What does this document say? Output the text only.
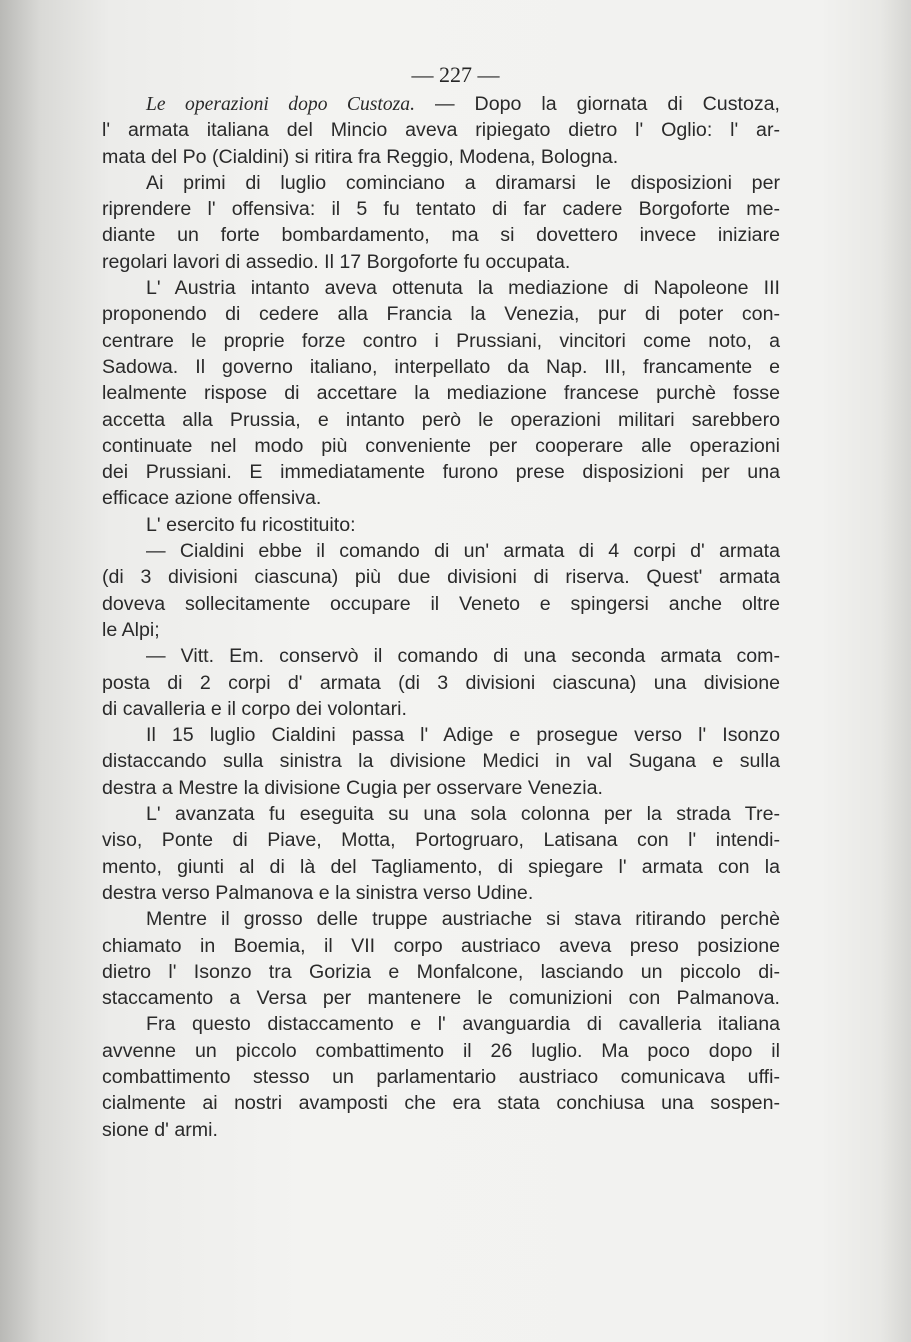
— 227 —
Le operazioni dopo Custoza. — Dopo la giornata di Custoza,
l' armata italiana del Mincio aveva ripiegato dietro l' Oglio: l' ar-
mata del Po (Cialdini) si ritira fra Reggio, Modena, Bologna.
Ai primi di luglio cominciano a diramarsi le disposizioni per
riprendere l' offensiva: il 5 fu tentato di far cadere Borgoforte me-
diante un forte bombardamento, ma si dovettero invece iniziare
regolari lavori di assedio. Il 17 Borgoforte fu occupata.
L' Austria intanto aveva ottenuta la mediazione di Napoleone III
proponendo di cedere alla Francia la Venezia, pur di poter con-
centrare le proprie forze contro i Prussiani, vincitori come noto, a
Sadowa. Il governo italiano, interpellato da Nap. III, francamente e
lealmente rispose di accettare la mediazione francese purchè fosse
accetta alla Prussia, e intanto però le operazioni militari sarebbero
continuate nel modo più conveniente per cooperare alle operazioni
dei Prussiani. E immediatamente furono prese disposizioni per una
efficace azione offensiva.
L' esercito fu ricostituito:
— Cialdini ebbe il comando di un' armata di 4 corpi d' armata
(di 3 divisioni ciascuna) più due divisioni di riserva. Quest' armata
doveva sollecitamente occupare il Veneto e spingersi anche oltre
le Alpi;
— Vitt. Em. conservò il comando di una seconda armata com-
posta di 2 corpi d' armata (di 3 divisioni ciascuna) una divisione
di cavalleria e il corpo dei volontari.
Il 15 luglio Cialdini passa l' Adige e prosegue verso l' Isonzo
distaccando sulla sinistra la divisione Medici in val Sugana e sulla
destra a Mestre la divisione Cugia per osservare Venezia.
L' avanzata fu eseguita su una sola colonna per la strada Tre-
viso, Ponte di Piave, Motta, Portogruaro, Latisana con l' intendi-
mento, giunti al di là del Tagliamento, di spiegare l' armata con la
destra verso Palmanova e la sinistra verso Udine.
Mentre il grosso delle truppe austriache si stava ritirando perchè
chiamato in Boemia, il VII corpo austriaco aveva preso posizione
dietro l' Isonzo tra Gorizia e Monfalcone, lasciando un piccolo di-
staccamento a Versa per mantenere le comunizioni con Palmanova.
Fra questo distaccamento e l' avanguardia di cavalleria italiana
avvenne un piccolo combattimento il 26 luglio. Ma poco dopo il
combattimento stesso un parlamentario austriaco comunicava uffi-
cialmente ai nostri avamposti che era stata conchiusa una sospen-
sione d' armi.
